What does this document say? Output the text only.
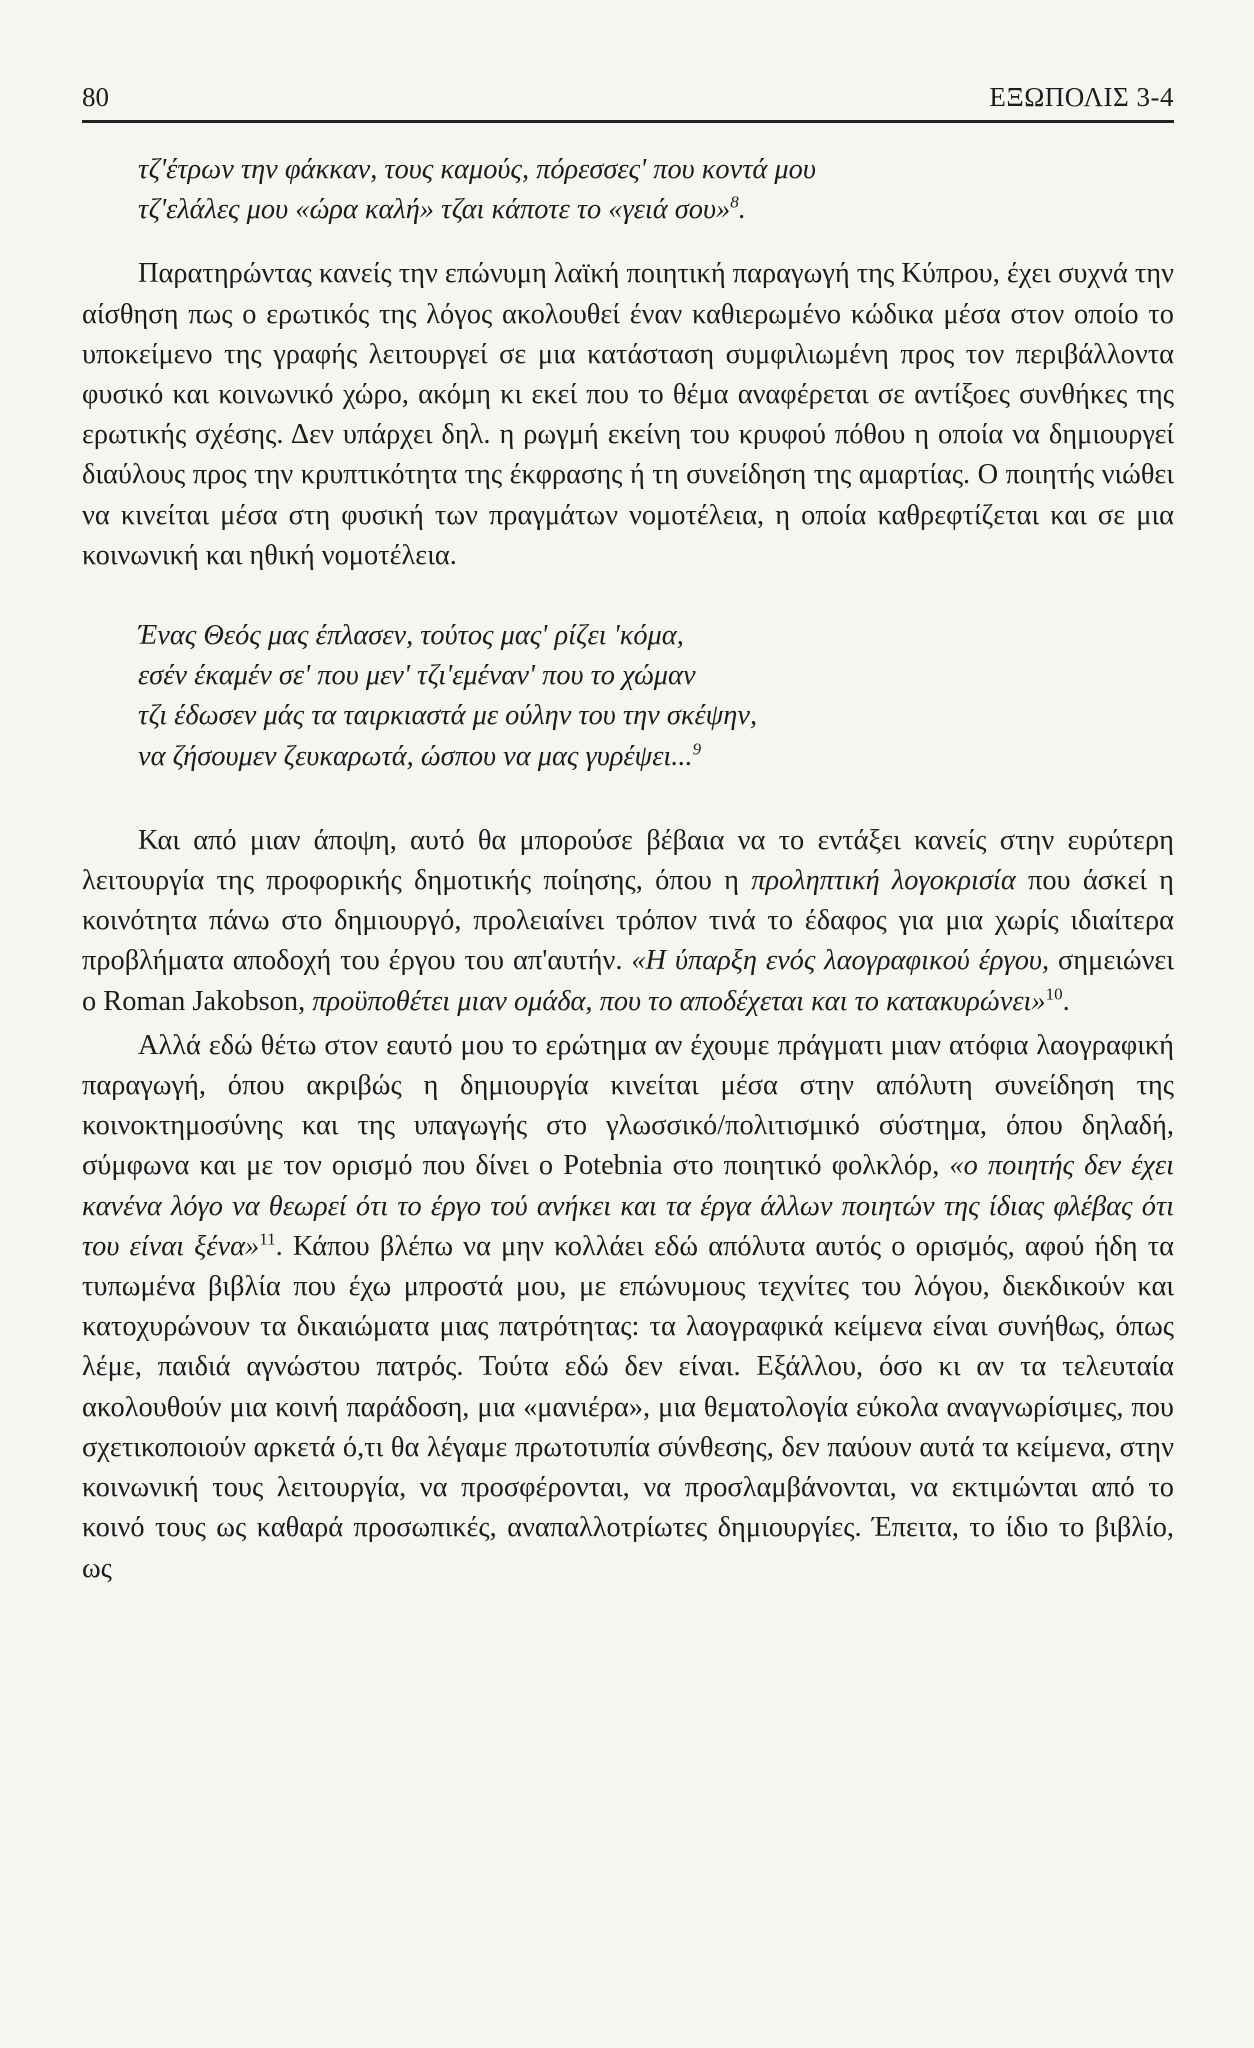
80	ΕΞΩΠΟΛΙΣ 3-4

τζ'έτρων την φάκκαν, τους καμούς, πόρεσσες' που κοντά μου
τζ'ελάλες μου «ώρα καλή» τζαι κάποτε το «γειά σου»$^8$.

Παρατηρώντας κανείς την επώνυμη λαϊκή ποιητική παραγωγή της Κύπρου, έχει συχνά την αίσθηση πως ο ερωτικός της λόγος ακολουθεί έναν καθιερωμένο κώδικα μέσα στον οποίο το υποκείμενο της γραφής λειτουργεί σε μια κατάσταση συμφιλιωμένη προς τον περιβάλλοντα φυσικό και κοινωνικό χώρο, ακόμη κι εκεί που το θέμα αναφέρεται σε αντίξοες συνθήκες της ερωτικής σχέσης. Δεν υπάρχει δηλ. η ρωγμή εκείνη του κρυφού πόθου η οποία να δημιουργεί διαύλους προς την κρυπτικότητα της έκφρασης ή τη συνείδηση της αμαρτίας. Ο ποιητής νιώθει να κινείται μέσα στη φυσική των πραγμάτων νομοτέλεια, η οποία καθρεφτίζεται και σε μια κοινωνική και ηθική νομοτέλεια.

Ένας Θεός μας έπλασεν, τούτος μας' ρίζει 'κόμα,
εσέν έκαμέν σε' που μεν' τζι'εμέναν' που το χώμαν
τζι έδωσεν μάς τα ταιρκιαστά με ούλην του την σκέψην,
να ζήσουμεν ζευκαρωτά, ώσπου να μας γυρέψει...$^9$

Και από μιαν άποψη, αυτό θα μπορούσε βέβαια να το εντάξει κανείς στην ευρύτερη λειτουργία της προφορικής δημοτικής ποίησης, όπου η προληπτική λογοκρισία που άσκεί η κοινότητα πάνω στο δημιουργό, προλειαίνει τρόπον τινά το έδαφος για μια χωρίς ιδιαίτερα προβλήματα αποδοχή του έργου του απ'αυτήν. «Η ύπαρξη ενός λαογραφικού έργου, σημειώνει ο Roman Jakobson, προϋποθέτει μιαν ομάδα, που το αποδέχεται και το κατακυρώνει»$^{10}$.

Αλλά εδώ θέτω στον εαυτό μου το ερώτημα αν έχουμε πράγματι μιαν ατόφια λαογραφική παραγωγή, όπου ακριβώς η δημιουργία κινείται μέσα στην απόλυτη συνείδηση της κοινοκτημοσύνης και της υπαγωγής στο γλωσσικό/πολιτισμικό σύστημα, όπου δηλαδή, σύμφωνα και με τον ορισμό που δίνει ο Potebnia στο ποιητικό φολκλόρ, «ο ποιητής δεν έχει κανένα λόγο να θεωρεί ότι το έργο τού ανήκει και τα έργα άλλων ποιητών της ίδιας φλέβας ότι του είναι ξένα»$^{11}$. Κάπου βλέπω να μην κολλάει εδώ απόλυτα αυτός ο ορισμός, αφού ήδη τα τυπωμένα βιβλία που έχω μπροστά μου, με επώνυμους τεχνίτες του λόγου, διεκδικούν και κατοχυρώνουν τα δικαιώματα μιας πατρότητας: τα λαογραφικά κείμενα είναι συνήθως, όπως λέμε, παιδιά αγνώστου πατρός. Τούτα εδώ δεν είναι. Εξάλλου, όσο κι αν τα τελευταία ακολουθούν μια κοινή παράδοση, μια «μανιέρα», μια θεματολογία εύκολα αναγνωρίσιμες, που σχετικοποιούν αρκετά ό,τι θα λέγαμε πρωτοτυπία σύνθεσης, δεν παύουν αυτά τα κείμενα, στην κοινωνική τους λειτουργία, να προσφέρονται, να προσλαμβάνονται, να εκτιμώνται από το κοινό τους ως καθαρά προσωπικές, αναπαλλοτρίωτες δημιουργίες. Έπειτα, το ίδιο το βιβλίο, ως
